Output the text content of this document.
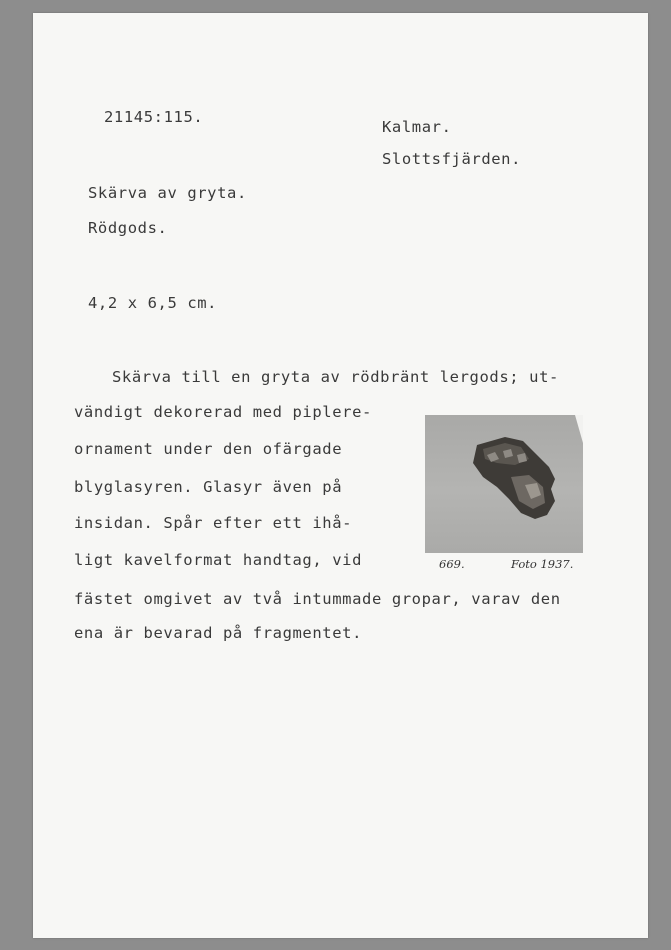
21145:115.

Kalmar.

Slottsfjärden.

Skärva av gryta.

Rödgods.

4,2 x 6,5 cm.

Skärva till en gryta av rödbränt lergods; ut-

vändigt dekorerad med piplere-

ornament under den ofärgade

blyglasyren. Glasyr även på

insidan. Spår efter ett ihå-

ligt kavelformat handtag, vid

fästet omgivet av två intummade gropar, varav den

ena är bevarad på fragmentet.

669.	Foto 1937.
